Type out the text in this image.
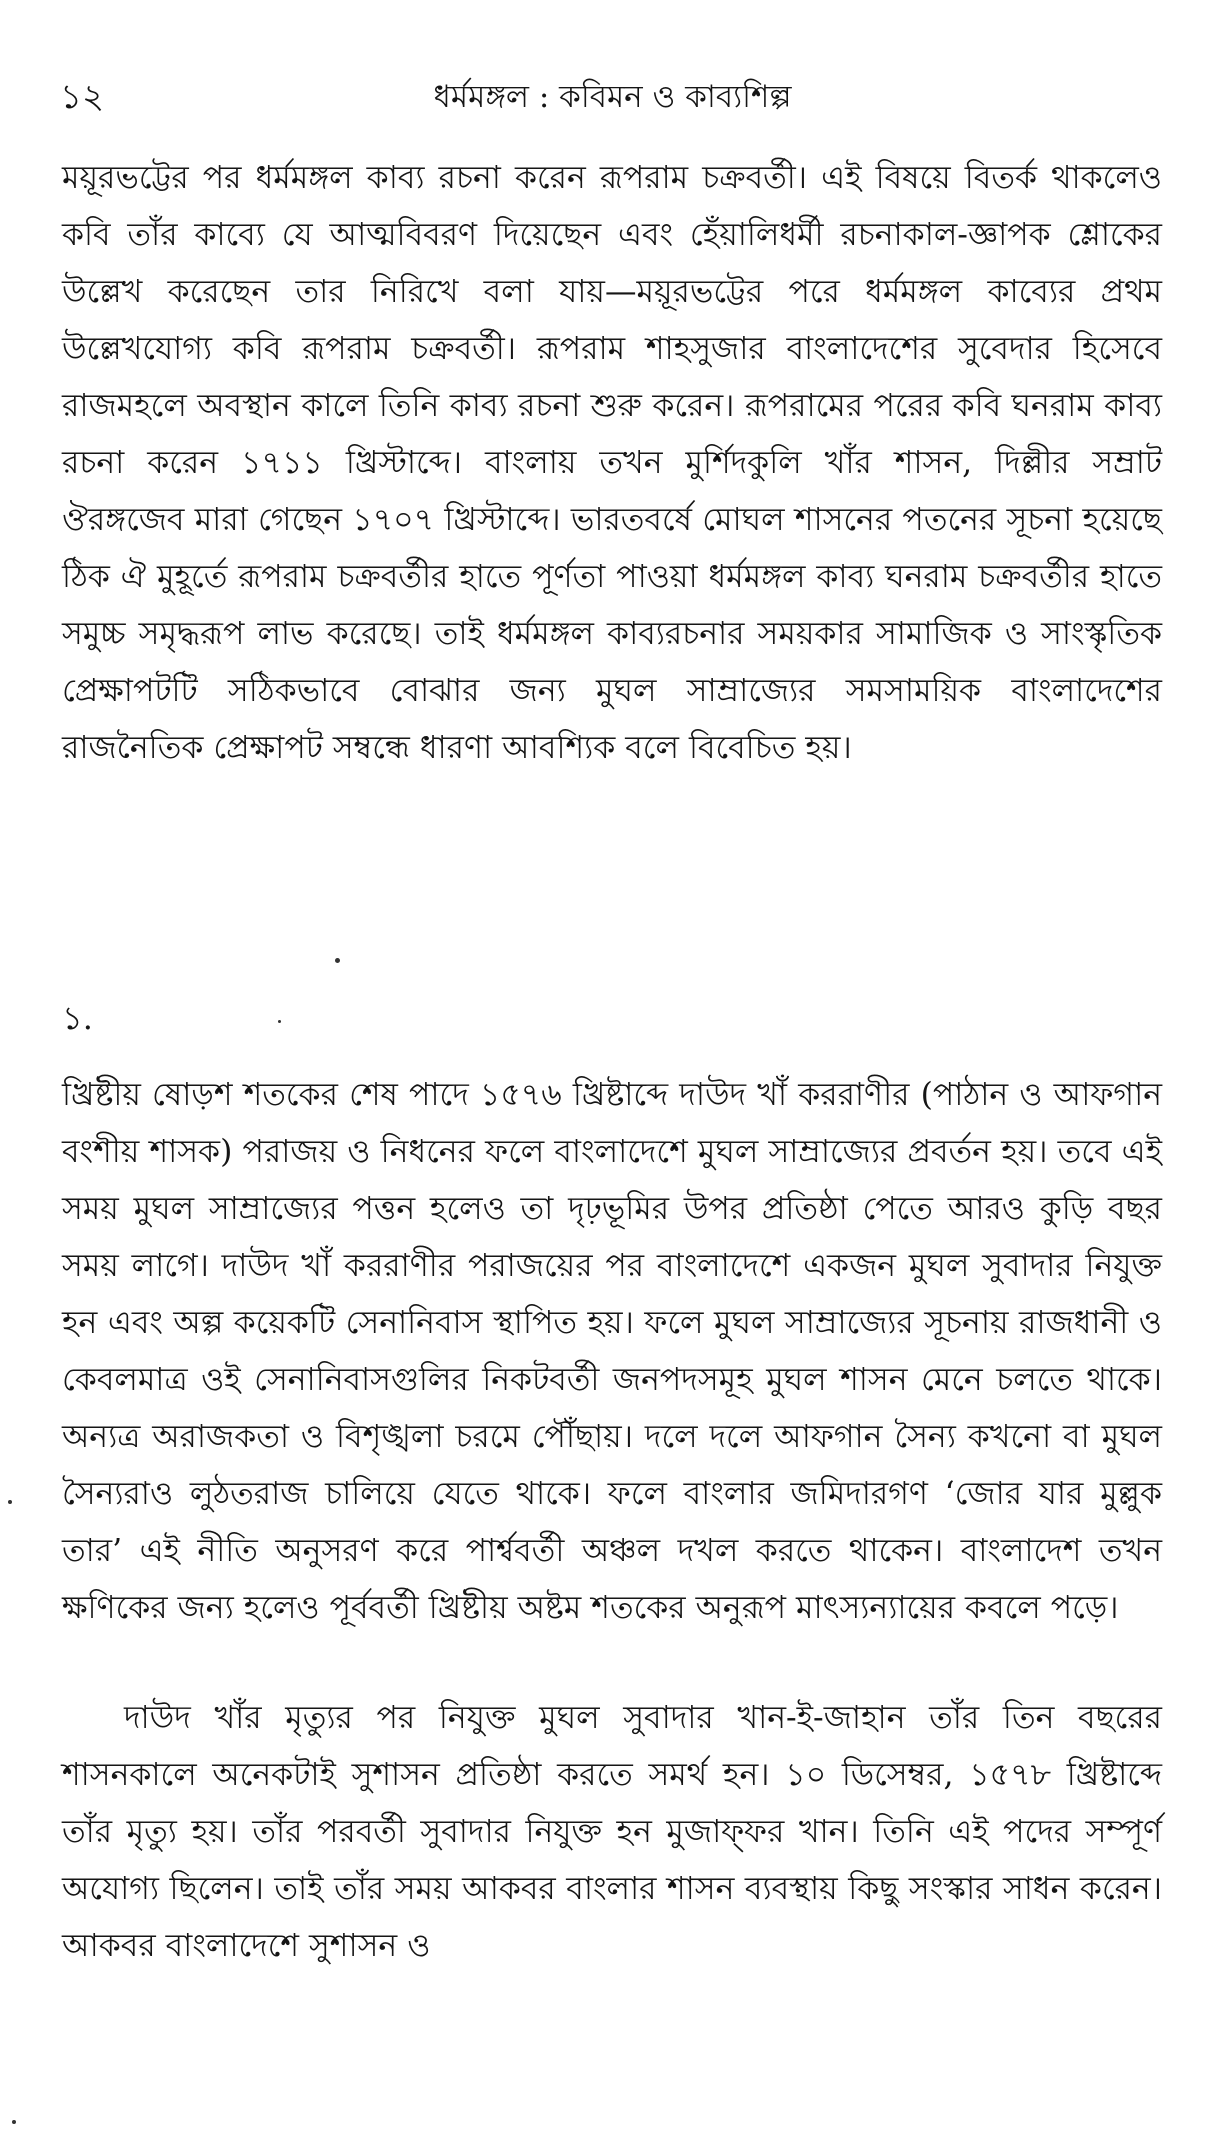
১২	ধর্মমঙ্গল : কবিমন ও কাব্যশিল্প

ময়ূরভট্টের পর ধর্মমঙ্গল কাব্য রচনা করেন রূপরাম চক্রবর্তী। এই বিষয়ে বিতর্ক থাকলেও কবি তাঁর কাব্যে যে আত্মবিবরণ দিয়েছেন এবং হেঁয়ালিধর্মী রচনাকাল-জ্ঞাপক শ্লোকের উল্লেখ করেছেন তার নিরিখে বলা যায়—ময়ূরভট্টের পরে ধর্মমঙ্গল কাব্যের প্রথম উল্লেখযোগ্য কবি রূপরাম চক্রবর্তী। রূপরাম শাহসুজার বাংলাদেশের সুবেদার হিসেবে রাজমহলে অবস্থান কালে তিনি কাব্য রচনা শুরু করেন। রূপরামের পরের কবি ঘনরাম কাব্য রচনা করেন ১৭১১ খ্রিস্টাব্দে। বাংলায় তখন মুর্শিদকুলি খাঁর শাসন, দিল্লীর সম্রাট ঔরঙ্গজেব মারা গেছেন ১৭০৭ খ্রিস্টাব্দে। ভারতবর্ষে মোঘল শাসনের পতনের সূচনা হয়েছে ঠিক ঐ মুহূর্তে রূপরাম চক্রবর্তীর হাতে পূর্ণতা পাওয়া ধর্মমঙ্গল কাব্য ঘনরাম চক্রবর্তীর হাতে সমুচ্চ সমৃদ্ধরূপ লাভ করেছে। তাই ধর্মমঙ্গল কাব্যরচনার সময়কার সামাজিক ও সাংস্কৃতিক প্রেক্ষাপটটি সঠিকভাবে বোঝার জন্য মুঘল সাম্রাজ্যের সমসাময়িক বাংলাদেশের রাজনৈতিক প্রেক্ষাপট সম্বন্ধে ধারণা আবশ্যিক বলে বিবেচিত হয়।

১.

খ্রিষ্টীয় ষোড়শ শতকের শেষ পাদে ১৫৭৬ খ্রিষ্টাব্দে দাউদ খাঁ কররাণীর (পাঠান ও আফগান বংশীয় শাসক) পরাজয় ও নিধনের ফলে বাংলাদেশে মুঘল সাম্রাজ্যের প্রবর্তন হয়। তবে এই সময় মুঘল সাম্রাজ্যের পত্তন হলেও তা দৃঢ়ভূমির উপর প্রতিষ্ঠা পেতে আরও কুড়ি বছর সময় লাগে। দাউদ খাঁ কররাণীর পরাজয়ের পর বাংলাদেশে একজন মুঘল সুবাদার নিযুক্ত হন এবং অল্প কয়েকটি সেনানিবাস স্থাপিত হয়। ফলে মুঘল সাম্রাজ্যের সূচনায় রাজধানী ও কেবলমাত্র ওই সেনানিবাসগুলির নিকটবর্তী জনপদসমূহ মুঘল শাসন মেনে চলতে থাকে। অন্যত্র অরাজকতা ও বিশৃঙ্খলা চরমে পৌঁছায়। দলে দলে আফগান সৈন্য কখনো বা মুঘল সৈন্যরাও লুঠতরাজ চালিয়ে যেতে থাকে। ফলে বাংলার জমিদারগণ ‘জোর যার মুল্লুক তার’ এই নীতি অনুসরণ করে পার্শ্ববর্তী অঞ্চল দখল করতে থাকেন। বাংলাদেশ তখন ক্ষণিকের জন্য হলেও পূর্ববর্তী খ্রিষ্টীয় অষ্টম শতকের অনুরূপ মাৎস্যন্যায়ের কবলে পড়ে।

দাউদ খাঁর মৃত্যুর পর নিযুক্ত মুঘল সুবাদার খান-ই-জাহান তাঁর তিন বছরের শাসনকালে অনেকটাই সুশাসন প্রতিষ্ঠা করতে সমর্থ হন। ১০ ডিসেম্বর, ১৫৭৮ খ্রিষ্টাব্দে তাঁর মৃত্যু হয়। তাঁর পরবর্তী সুবাদার নিযুক্ত হন মুজাফ্ফর খান। তিনি এই পদের সম্পূর্ণ অযোগ্য ছিলেন। তাই তাঁর সময় আকবর বাংলার শাসন ব্যবস্থায় কিছু সংস্কার সাধন করেন। আকবর বাংলাদেশে সুশাসন ও
